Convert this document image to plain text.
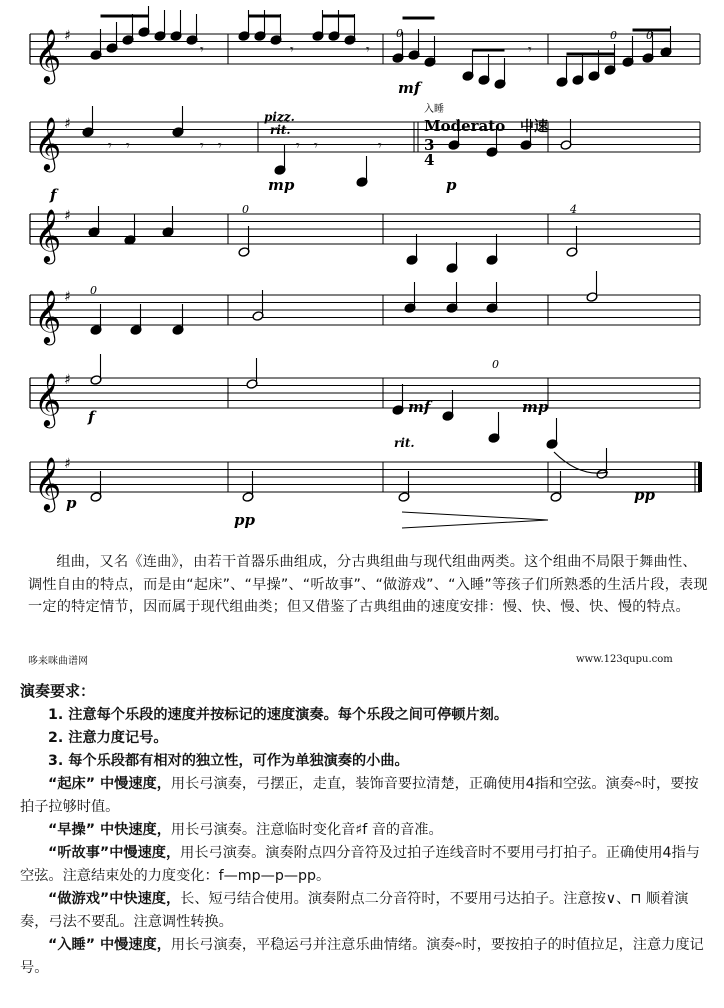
𝄞 ♯
𝄞 ♯
𝄞 ♯
𝄞 ♯
𝄞 ♯
𝄞 ♯
𝄾	𝄾	𝄾	𝄾
𝄾 𝄾	𝄾 𝄾	𝄾 𝄾	𝄾
mf
f
mp	p
f
mf	mp
p
pp
pp
pizz.
rit.
rit.
入睡
Moderato 中速
3
4
0	0	0
0	4
0
0
组曲，又名《连曲》，由若干首器乐曲组成，分古典组曲与现代组曲两类。这个组曲不局限于舞曲性、调性自由的特点，而是由“起床”、“早操”、“听故事”、“做游戏”、“入睡”等孩子们所熟悉的生活片段，表现一定的特定情节，因而属于现代组曲类；但又借鉴了古典组曲的速度安排：慢、快、慢、快、慢的特点。
哆来咪曲谱网	www.123qupu.com
演奏要求：
1. 注意每个乐段的速度并按标记的速度演奏。每个乐段之间可停顿片刻。
2. 注意力度记号。
3. 每个乐段都有相对的独立性，可作为单独演奏的小曲。
“起床” 中慢速度，用长弓演奏，弓摆正，走直，装饰音要拉清楚，正确使用4指和空弦。演奏𝄐时，要按拍子拉够时值。
“早操” 中快速度，用长弓演奏。注意临时变化音♯f 音的音准。
“听故事”中慢速度，用长弓演奏。演奏附点四分音符及过拍子连线音时不要用弓打拍子。正确使用4指与空弦。注意结束处的力度变化：f—mp—p—pp。
“做游戏”中快速度，长、短弓结合使用。演奏附点二分音符时，不要用弓达拍子。注意按∨、⊓ 顺着演奏，弓法不要乱。注意调性转换。
“入睡” 中慢速度，用长弓演奏，平稳运弓并注意乐曲情绪。演奏𝄐时，要按拍子的时值拉足，注意力度记号。
